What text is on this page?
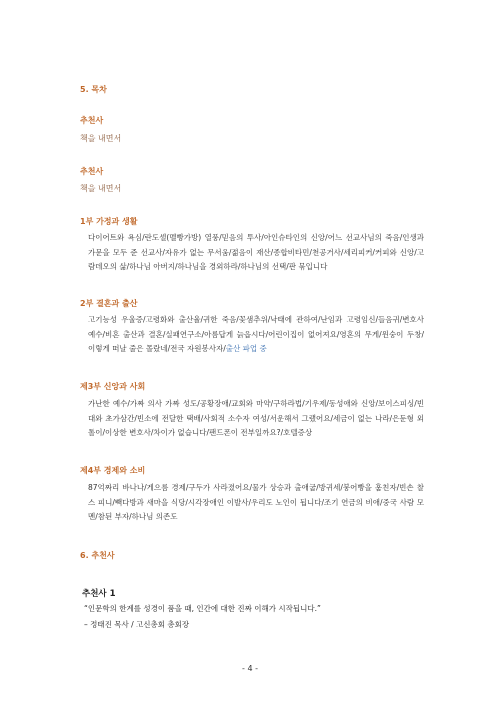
5. 목차
추천사
책을 내면서
추천사
책을 내면서
1부 가정과 생활
다이어트와 욕심/란도셀(멜빵가방) 열풍/믿음의 투사/아인슈타인의 신앙/어느 선교사님의 죽음/인생과 가문을 모두 준 선교사/자유가 없는 무서움/젊음이 재산/종합비타민/천공거사/세리피커/커피와 신앙/고람데오의 삶/하나님 아버지/하나님을 경외하라/하나님의 선택/판 묶입니다
2부 결혼과 출산
고기능성 우울증/고령화와 출산율/귀한 죽음/꽃샘추위/낙태에 관하여/난임과 고령임신/들음귀/변호사 예수/비혼 출산과 결혼/실패연구소/아름답게 늙읍시다/어린이집이 없어져요/영혼의 무게/윈숭이 두창/이렇게 떠날 줄은 몰랐네/전국 자원봉사자/출산 파업 중
제3부 신앙과 사회
가난한 예수/가짜 의사 가짜 성도/공황장애/교회와 마약/구하라법/기우제/동성애와 신앙/보이스피싱/빈대와 초가삼간/빈소에 전달한 택배/사회적 소수자 여성/서운해서 그랬어요/세금이 없는 나라/은둔형 외톨이/이상한 변호사/차이가 없습니다/팬드폰이 전부일까요?/호텔증상
제4부 경제와 소비
87억짜리 바나나/게으름 경제/구두가 사라졌어요/물가 상승과 출애굽/방귀세/붕어빵을 훔친자/빈손 찰스 피니/빽다방과 새마을 식당/시각장애인 이발사/우리도 노인이 됩니다/조기 연금의 비애/중국 사람 모멘/참된 부자/하나님 의존도
6. 추천사
추천사 1
“인문학의 한계를 성경이 품을 때, 인간에 대한 진짜 이해가 시작됩니다.”
– 정태진 목사 / 고신총회 총회장
- 4 -
